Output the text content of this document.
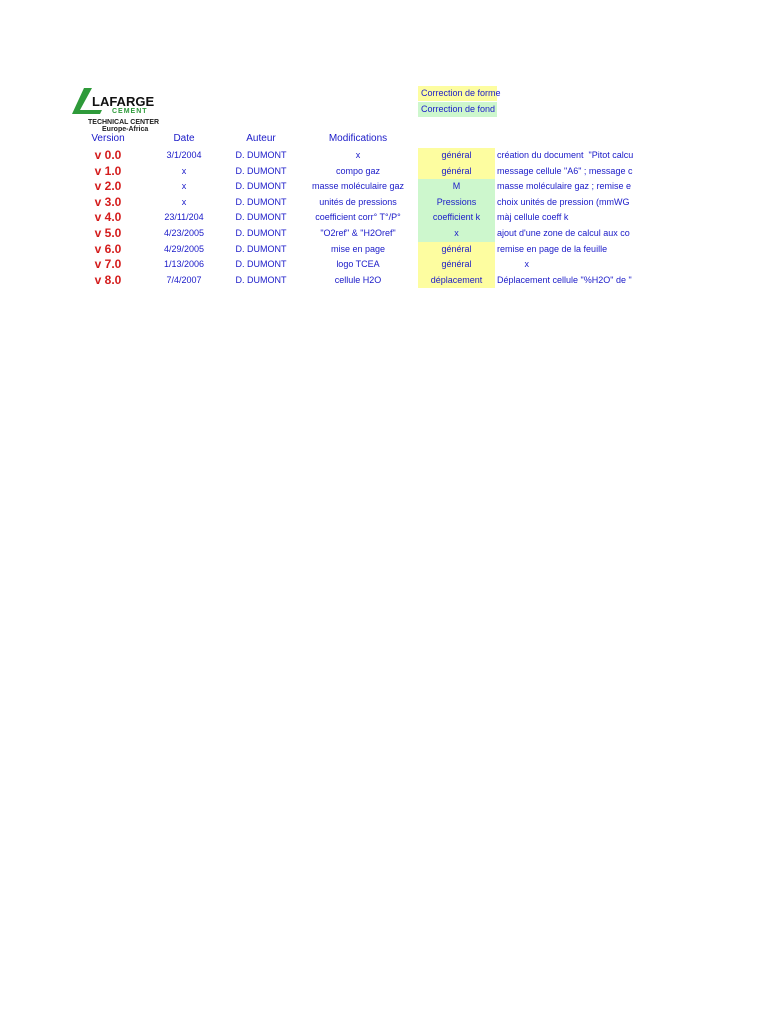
LAFARGE
CEMENT
TECHNICAL CENTER
Europe-Africa
Correction de forme
Correction de fond
Version	Date	Auteur	Modifications
v 0.0	3/1/2004	D. DUMONT	x	général	création du document  "Pitot calcu
v 1.0	x	D. DUMONT	compo gaz	général	message cellule "A6" ; message c
v 2.0	x	D. DUMONT	masse moléculaire gaz	M	masse moléculaire gaz ; remise e
v 3.0	x	D. DUMONT	unités de pressions	Pressions	choix unités de pression (mmWG
v 4.0	23/11/204	D. DUMONT	coefficient corr° T°/P°	coefficient k	màj cellule coeff k
v 5.0	4/23/2005	D. DUMONT	"O2ref" & "H2Oref"	x	ajout d'une zone de calcul aux co
v 6.0	4/29/2005	D. DUMONT	mise en page	général	remise en page de la feuille
v 7.0	1/13/2006	D. DUMONT	logo TCEA	général	x
v 8.0	7/4/2007	D. DUMONT	cellule H2O	déplacement	Déplacement cellule "%H2O" de "
